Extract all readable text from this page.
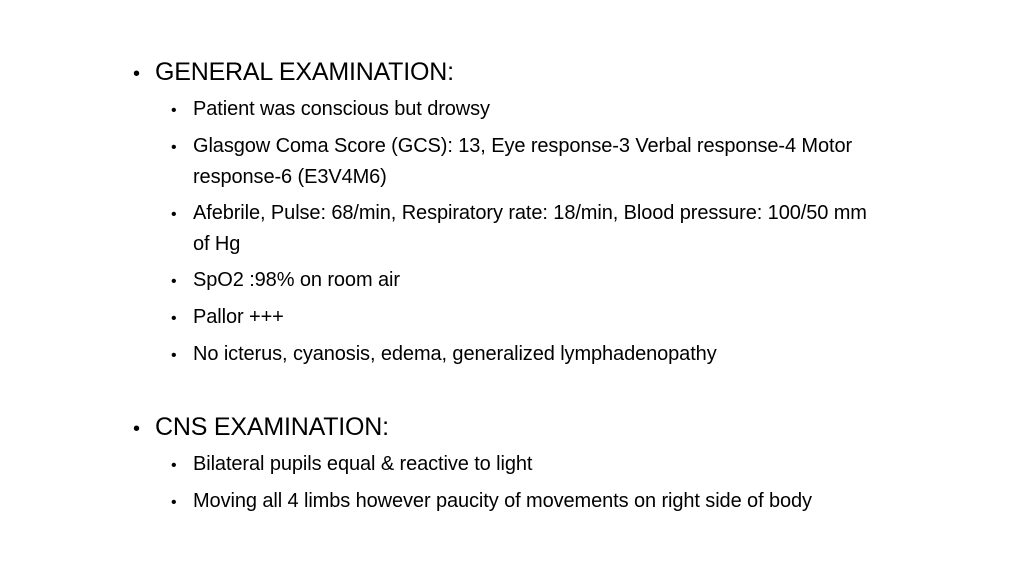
• GENERAL EXAMINATION:
• Patient was conscious but drowsy
• Glasgow Coma Score (GCS): 13, Eye response-3 Verbal response-4 Motor response-6 (E3V4M6)
• Afebrile, Pulse: 68/min, Respiratory rate: 18/min, Blood pressure: 100/50 mm of Hg
• SpO2 :98% on room air
• Pallor +++
• No icterus, cyanosis, edema, generalized lymphadenopathy
• CNS EXAMINATION:
• Bilateral pupils equal & reactive to light
• Moving all 4 limbs however paucity of movements on right side of body
